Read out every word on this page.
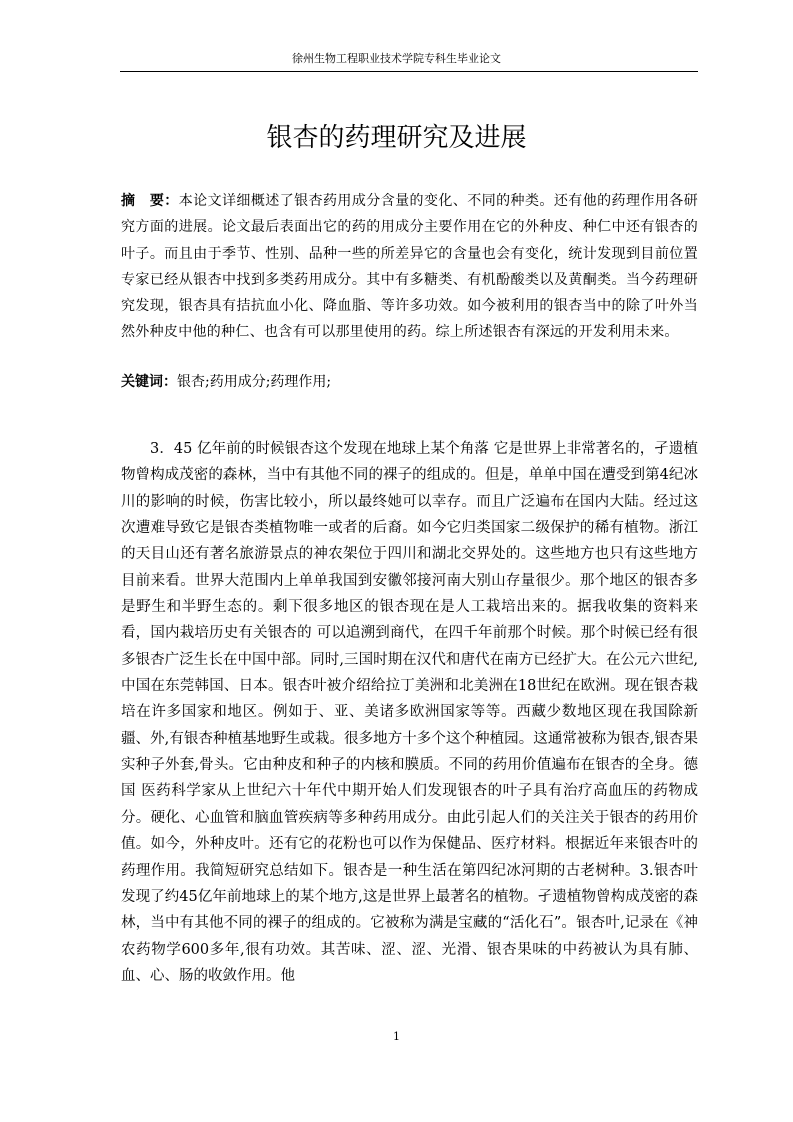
徐州生物工程职业技术学院专科生毕业论文
银杏的药理研究及进展

摘　要：本论文详细概述了银杏药用成分含量的变化、不同的种类。还有他的药理作用各研究方面的进展。论文最后表面出它的药的用成分主要作用在它的外种皮、种仁中还有银杏的叶子。而且由于季节、性别、品种一些的所差异它的含量也会有变化，统计发现到目前位置专家已经从银杏中找到多类药用成分。其中有多糖类、有机酚酸类以及黄酮类。当今药理研究发现，银杏具有拮抗血小化、降血脂、等许多功效。如今被利用的银杏当中的除了叶外当然外种皮中他的种仁、也含有可以那里使用的药。综上所述银杏有深远的开发利用未来。

关键词：银杏;药用成分;药理作用;

3．45 亿年前的时候银杏这个发现在地球上某个角落 它是世界上非常著名的，孑遗植物曾构成茂密的森林，当中有其他不同的裸子的组成的。但是，单单中国在遭受到第4纪冰川的影响的时候，伤害比较小，所以最终她可以幸存。而且广泛遍布在国内大陆。经过这次遭难导致它是银杏类植物唯一或者的后裔。如今它归类国家二级保护的稀有植物。浙江的天目山还有著名旅游景点的神农架位于四川和湖北交界处的。这些地方也只有这些地方目前来看。世界大范围内上单单我国到安徽邻接河南大别山存量很少。那个地区的银杏多是野生和半野生态的。剩下很多地区的银杏现在是人工栽培出来的。据我收集的资料来看，国内栽培历史有关银杏的 可以追溯到商代，在四千年前那个时候。那个时候已经有很多银杏广泛生长在中国中部。同时,三国时期在汉代和唐代在南方已经扩大。在公元六世纪,中国在东莞韩国、日本。银杏叶被介绍给拉丁美洲和北美洲在18世纪在欧洲。现在银杏栽培在许多国家和地区。例如于、亚、美诸多欧洲国家等等。西藏少数地区现在我国除新疆、外,有银杏种植基地野生或栽。很多地方十多个这个种植园。这通常被称为银杏,银杏果实种子外套,骨头。它由种皮和种子的内核和膜质。不同的药用价值遍布在银杏的全身。德国 医药科学家从上世纪六十年代中期开始人们发现银杏的叶子具有治疗高血压的药物成分。硬化、心血管和脑血管疾病等多种药用成分。由此引起人们的关注关于银杏的药用价值。如今，外种皮叶。还有它的花粉也可以作为保健品、医疗材料。根据近年来银杏叶的药理作用。我简短研究总结如下。银杏是一种生活在第四纪冰河期的古老树种。3.银杏叶发现了约45亿年前地球上的某个地方,这是世界上最著名的植物。孑遗植物曾构成茂密的森林，当中有其他不同的裸子的组成的。它被称为满是宝藏的“活化石”。银杏叶,记录在《神农药物学600多年,很有功效。其苦味、涩、涩、光滑、银杏果味的中药被认为具有肺、血、心、肠的收敛作用。他

1
